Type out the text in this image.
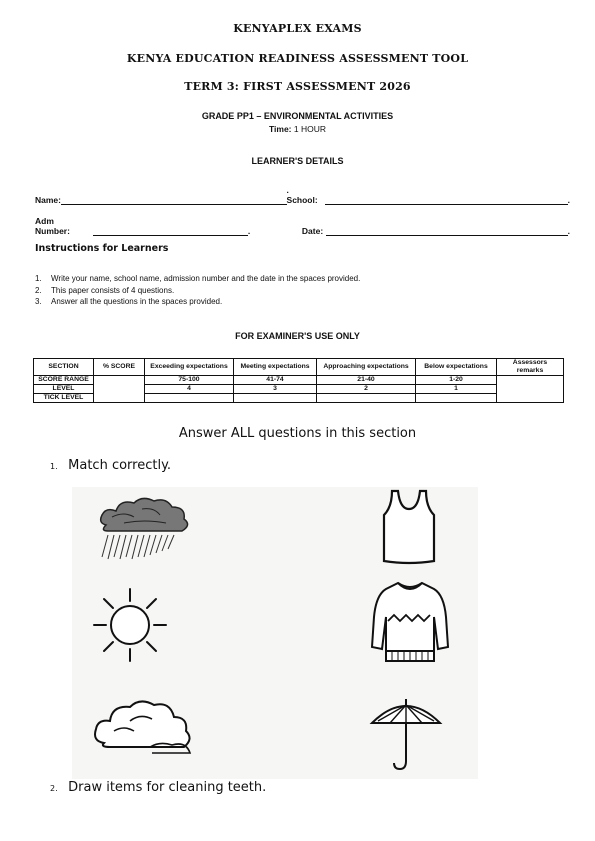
KENYAPLEX EXAMS
KENYA EDUCATION READINESS ASSESSMENT TOOL
TERM 3: FIRST ASSESSMENT 2026
GRADE PP1 – ENVIRONMENTAL ACTIVITIES
Time: 1 HOUR
LEARNER'S DETAILS
Name:
. School:	.
Adm Number:	.	Date:	.
Instructions for Learners
1. Write your name, school name, admission number and the date in the spaces provided.
2. This paper consists of 4 questions.
3. Answer all the questions in the spaces provided.
FOR EXAMINER'S USE ONLY
SECTION	% SCORE	Exceeding expectations	Meeting expectations	Approaching expectations	Below expectations	Assessors remarks
SCORE RANGE		75-100	41-74	21-40	1-20	
LEVEL		4	3	2	1	
TICK LEVEL						
Answer ALL questions in this section
1. Match correctly.
2. Draw items for cleaning teeth.
